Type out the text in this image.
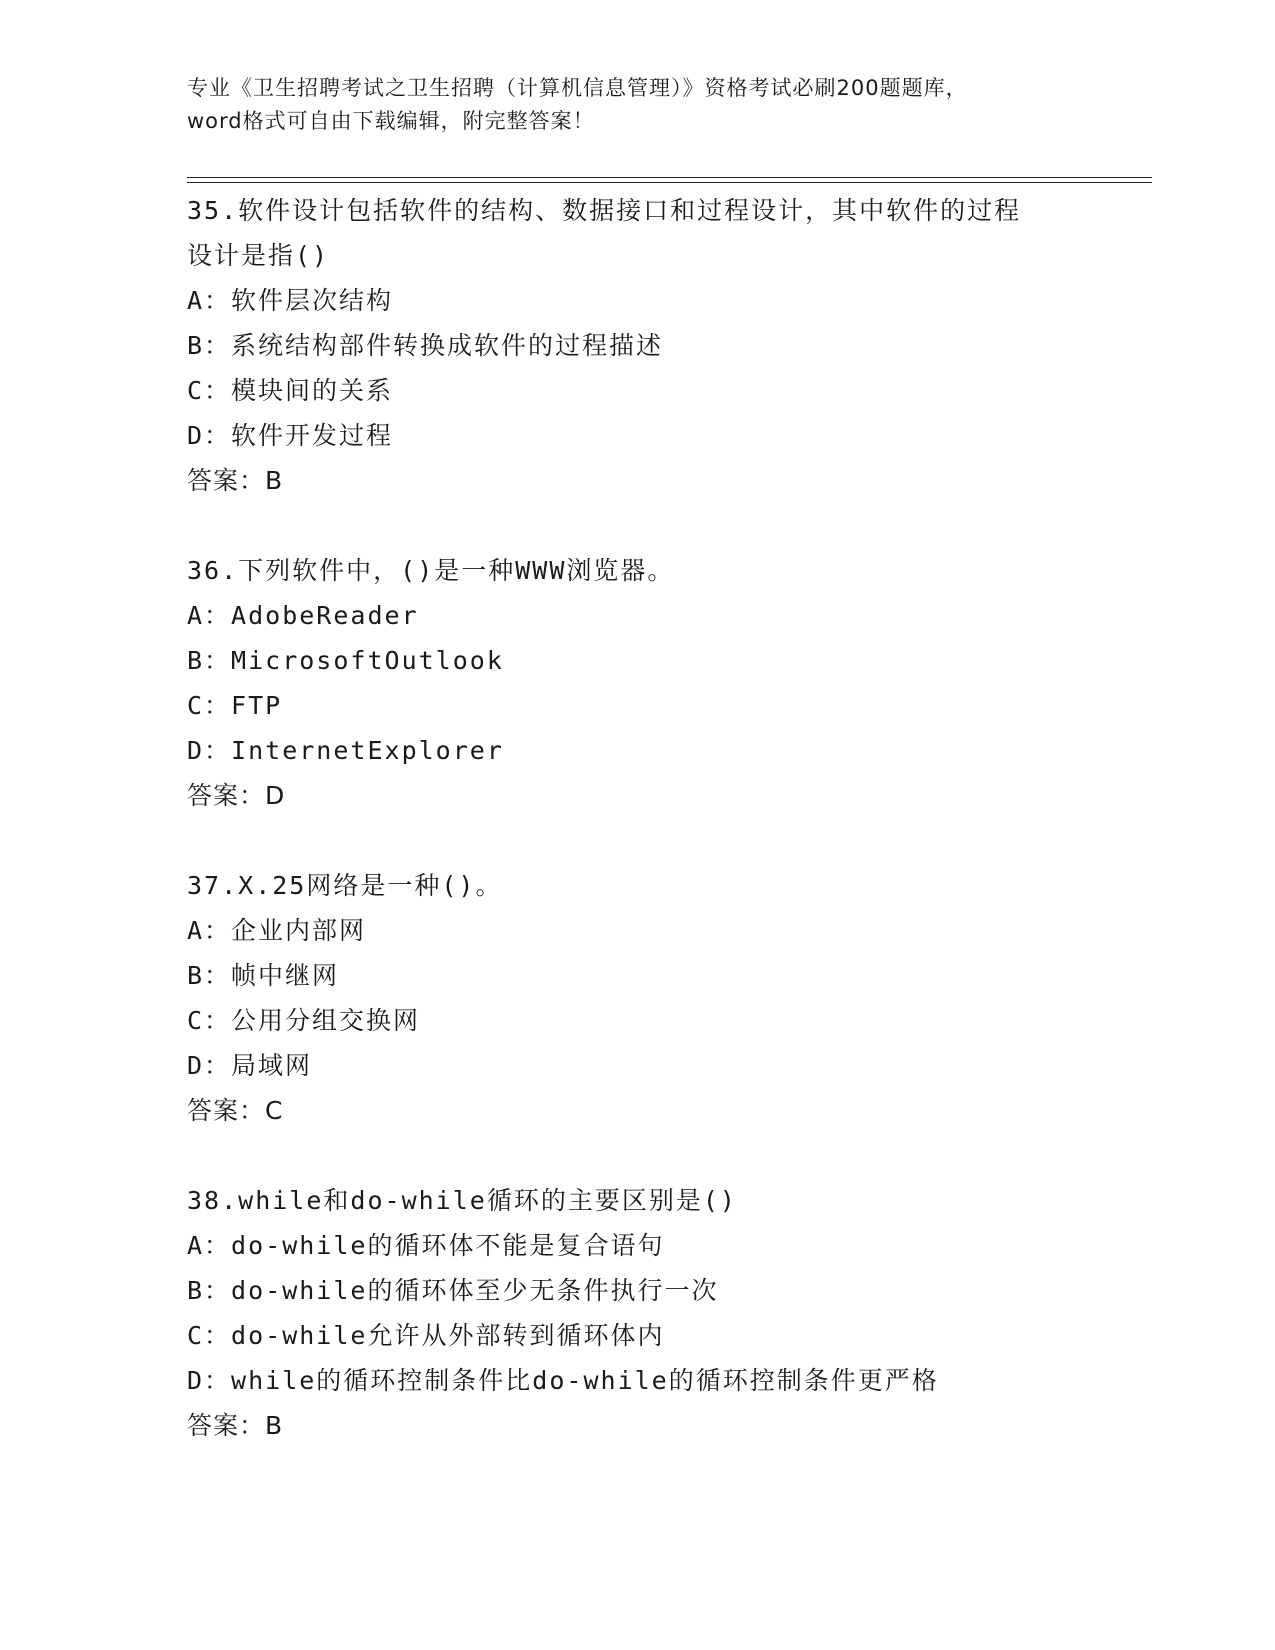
专业《卫生招聘考试之卫生招聘（计算机信息管理）》资格考试必刷200题题库，
word格式可自由下载编辑，附完整答案！
35.软件设计包括软件的结构、数据接口和过程设计，其中软件的过程
设计是指()
A：软件层次结构
B：系统结构部件转换成软件的过程描述
C：模块间的关系
D：软件开发过程
答案：B
36.下列软件中，()是一种WWW浏览器。
A：AdobeReader
B：MicrosoftOutlook
C：FTP
D：InternetExplorer
答案：D
37.X.25网络是一种()。
A：企业内部网
B：帧中继网
C：公用分组交换网
D：局域网
答案：C
38.while和do-while循环的主要区别是()
A：do-while的循环体不能是复合语句
B：do-while的循环体至少无条件执行一次
C：do-while允许从外部转到循环体内
D：while的循环控制条件比do-while的循环控制条件更严格
答案：B
